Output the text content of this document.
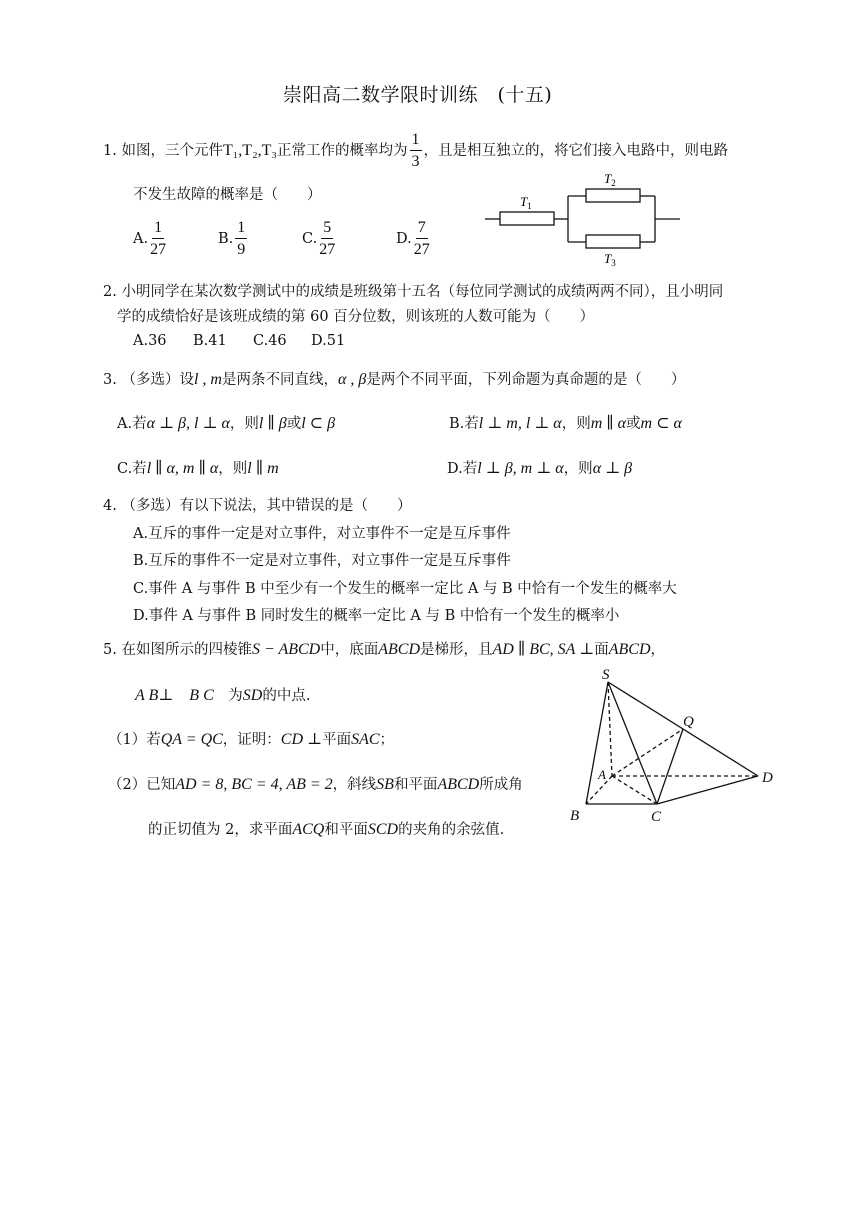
崇阳高二数学限时训练　(十五)
1. 如图，三个元件T₁,T₂,T₃正常工作的概率均为 $\frac{1}{3}$ ，且是相互独立的，将它们接入电路中，则电路
不发生故障的概率是（　　）
A. $\frac{1}{27}$	B. $\frac{1}{9}$	C. $\frac{5}{27}$	D. $\frac{7}{27}$
$T_1$
$T_2$
$T_3$
2. 小明同学在某次数学测试中的成绩是班级第十五名（每位同学测试的成绩两两不同），且小明同
学的成绩恰好是该班成绩的第 60 百分位数，则该班的人数可能为（　　）
A.36 B.41 C.46 D.51
3. （多选）设l , m是两条不同直线，α , β是两个不同平面，下列命题为真命题的是（　　）
A.若α ⊥ β, l ⊥ α，则l ∥ β或l ⊂ β	B.若l ⊥ m, l ⊥ α，则m ∥ α或m ⊂ α
C.若l ∥ α, m ∥ α，则l ∥ m	D.若l ⊥ β, m ⊥ α，则α ⊥ β
4. （多选）有以下说法，其中错误的是（　　）
A.互斥的事件一定是对立事件，对立事件不一定是互斥事件
B.互斥的事件不一定是对立事件，对立事件一定是互斥事件
C.事件 A 与事件 B 中至少有一个发生的概率一定比 A 与 B 中恰有一个发生的概率大
D.事件 A 与事件 B 同时发生的概率一定比 A 与 B 中恰有一个发生的概率小
5. 在如图所示的四棱锥S − ABCD中，底面ABCD是梯形，且AD ∥ BC, SA ⊥面ABCD，
A B⊥　B C　 为SD的中点.
（1）若QA = QC，证明：CD ⊥平面SAC；
（2）已知AD = 8, BC = 4, AB = 2，斜线SB和平面ABCD所成角
的正切值为 2，求平面ACQ和平面SCD的夹角的余弦值.
S
Q
A
B	C
D
